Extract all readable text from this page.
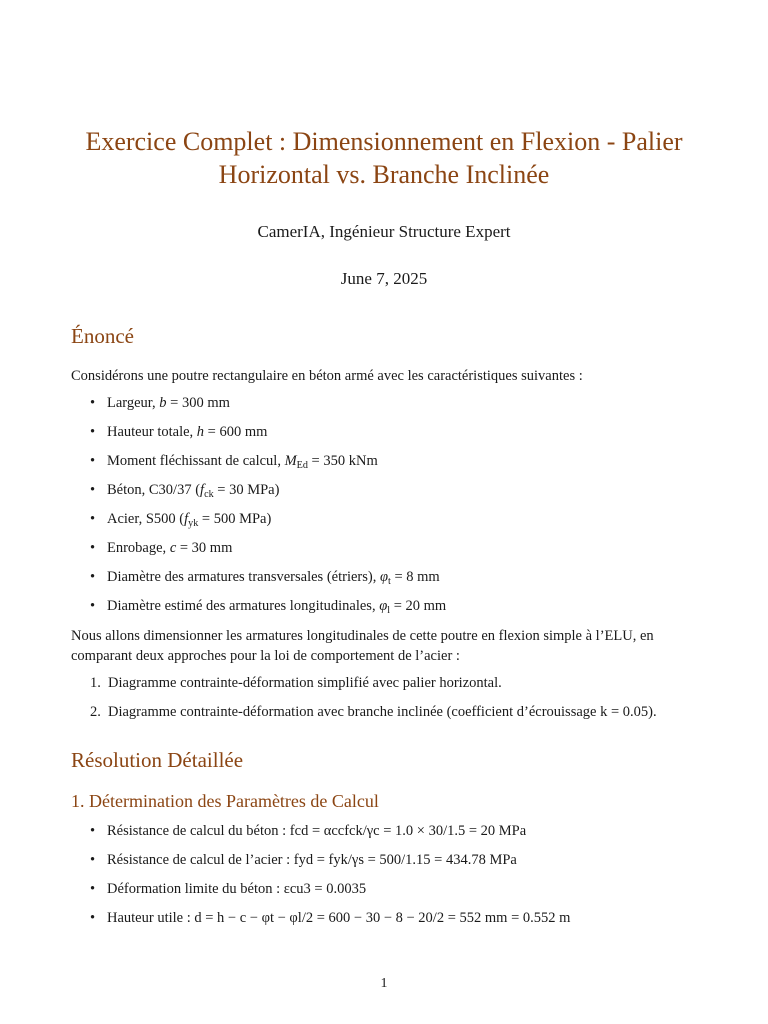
Exercice Complet : Dimensionnement en Flexion - Palier Horizontal vs. Branche Inclinée
CamerIA, Ingénieur Structure Expert
June 7, 2025
Énoncé

Considérons une poutre rectangulaire en béton armé avec les caractéristiques suivantes :

• Largeur, b = 300 mm
• Hauteur totale, h = 600 mm
• Moment fléchissant de calcul, $M_{Ed} = 350$ kNm
• Béton, C30/37 ($f_{ck} = 30$ MPa)
• Acier, S500 ($f_{yk} = 500$ MPa)
• Enrobage, c = 30 mm
• Diamètre des armatures transversales (étriers), $\varphi_t = 8$ mm
• Diamètre estimé des armatures longitudinales, $\varphi_l = 20$ mm

Nous allons dimensionner les armatures longitudinales de cette poutre en flexion simple à l’ELU, en comparant deux approches pour la loi de comportement de l’acier :

1. Diagramme contrainte-déformation simplifié avec palier horizontal.
2. Diagramme contrainte-déformation avec branche inclinée (coefficient d’écrouissage k = 0.05).
Résolution Détaillée
1. Détermination des Paramètres de Calcul
• Résistance de calcul du béton : fcd = αccfck/γc = 1.0 × 30/1.5 = 20 MPa
• Résistance de calcul de l’acier : fyd = fyk/γs = 500/1.15 = 434.78 MPa
• Déformation limite du béton : εcu3 = 0.0035
• Hauteur utile : d = h − c − φt − φl/2 = 600 − 30 − 8 − 20/2 = 552 mm = 0.552 m
1
